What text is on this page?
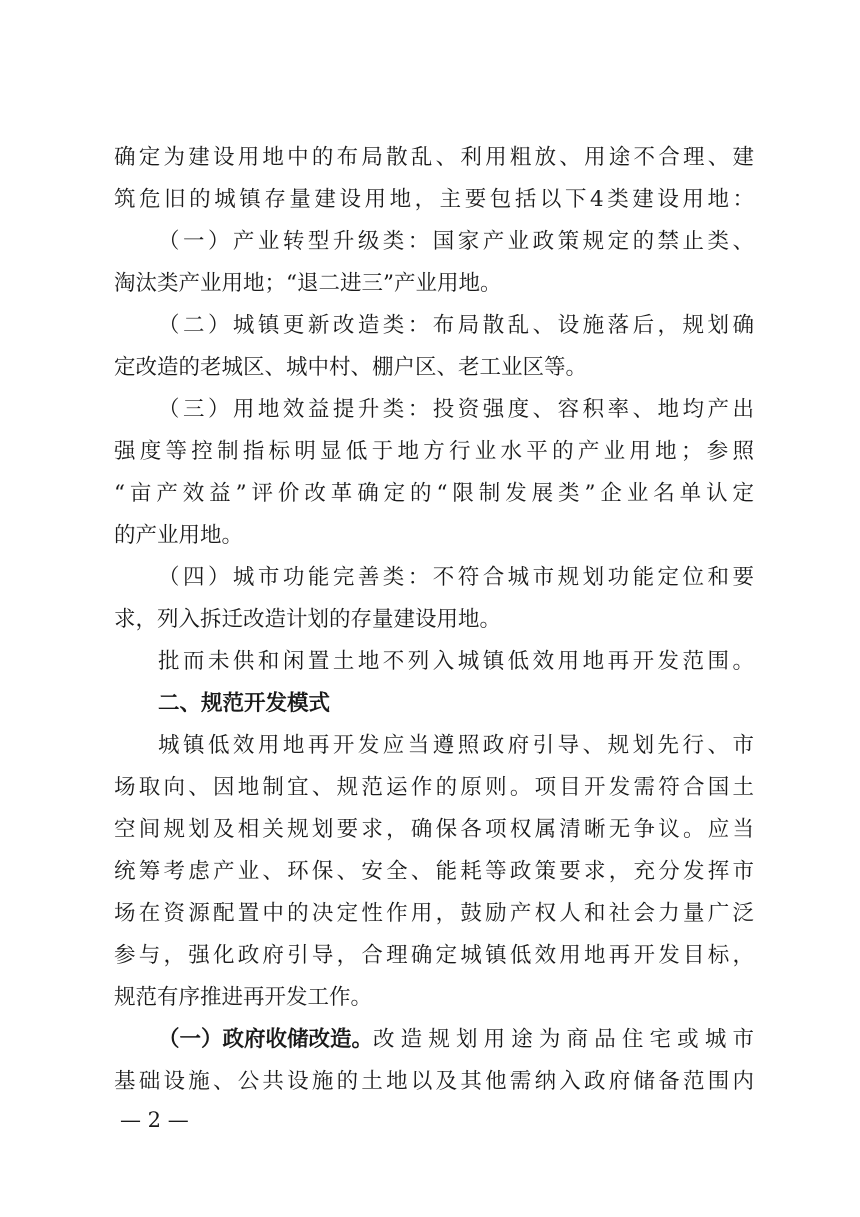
确定为建设用地中的布局散乱、利用粗放、用途不合理、建
筑危旧的城镇存量建设用地，主要包括以下4类建设用地：
（一）产业转型升级类：国家产业政策规定的禁止类、
淘汰类产业用地；“退二进三”产业用地。
（二）城镇更新改造类：布局散乱、设施落后，规划确
定改造的老城区、城中村、棚户区、老工业区等。
（三）用地效益提升类：投资强度、容积率、地均产出
强度等控制指标明显低于地方行业水平的产业用地；参照
“亩产效益”评价改革确定的“限制发展类”企业名单认定
的产业用地。
（四）城市功能完善类：不符合城市规划功能定位和要
求，列入拆迁改造计划的存量建设用地。
批而未供和闲置土地不列入城镇低效用地再开发范围。
二、规范开发模式
城镇低效用地再开发应当遵照政府引导、规划先行、市
场取向、因地制宜、规范运作的原则。项目开发需符合国土
空间规划及相关规划要求，确保各项权属清晰无争议。应当
统筹考虑产业、环保、安全、能耗等政策要求，充分发挥市
场在资源配置中的决定性作用，鼓励产权人和社会力量广泛
参与，强化政府引导，合理确定城镇低效用地再开发目标，
规范有序推进再开发工作。
（一）政府收储改造。 改造规划用途为商品住宅或城市
基础设施、公共设施的土地以及其他需纳入政府储备范围内
— 2 —
